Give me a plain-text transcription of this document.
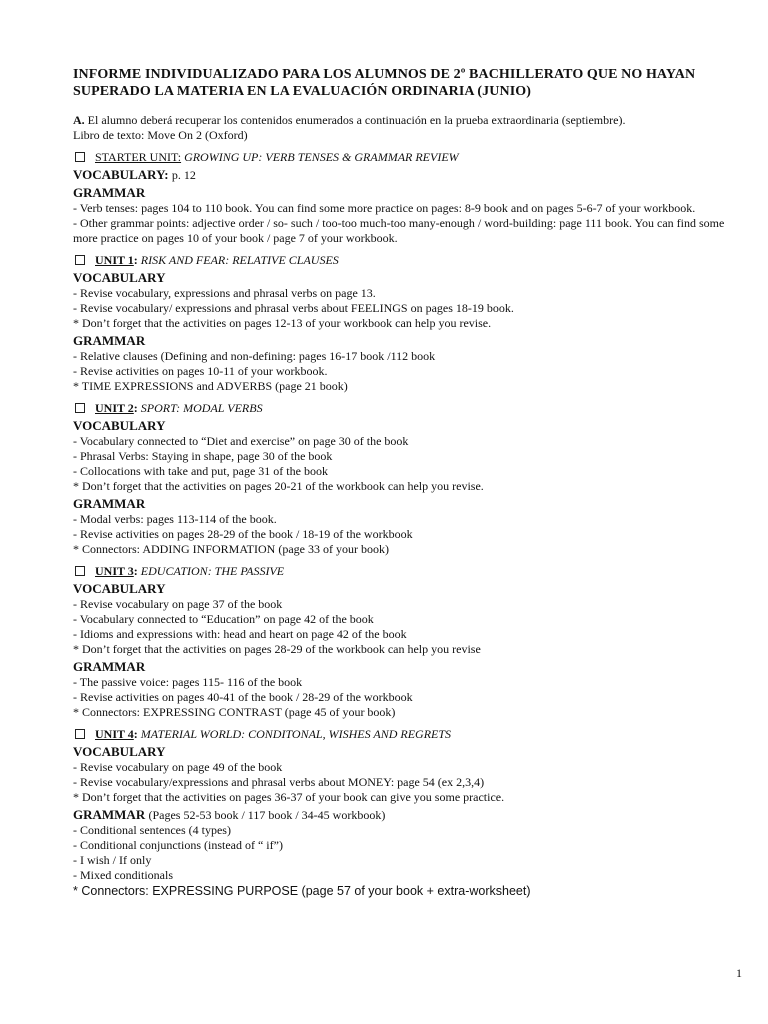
INFORME INDIVIDUALIZADO PARA LOS ALUMNOS DE 2º BACHILLERATO QUE NO HAYAN SUPERADO LA MATERIA EN LA EVALUACIÓN ORDINARIA (JUNIO)

A. El alumno deberá recuperar los contenidos enumerados a continuación en la prueba extraordinaria (septiembre).
Libro de texto: Move On 2 (Oxford)
STARTER UNIT: GROWING UP: VERB TENSES & GRAMMAR REVIEW
VOCABULARY: p. 12
GRAMMAR
- Verb tenses: pages 104 to 110 book. You can find some more practice on pages: 8-9 book and on pages 5-6-7 of your workbook.
- Other grammar points: adjective order / so- such / too-too much-too many-enough / word-building: page 111 book. You can find some more practice on pages 10 of your book / page 7 of your workbook.
UNIT 1 : RISK AND FEAR: RELATIVE CLAUSES
VOCABULARY
- Revise vocabulary, expressions and phrasal verbs on page 13.
- Revise vocabulary/ expressions and phrasal verbs about FEELINGS on pages 18-19 book.
* Don’t forget that the activities on pages 12-13 of your workbook can help you revise.
GRAMMAR
- Relative clauses (Defining and non-defining: pages 16-17 book /112 book
- Revise activities on pages 10-11 of your workbook.
* TIME EXPRESSIONS and ADVERBS (page 21 book)
UNIT 2 : SPORT: MODAL VERBS
VOCABULARY
- Vocabulary connected to “Diet and exercise” on page 30 of the book
- Phrasal Verbs: Staying in shape, page 30 of the book
- Collocations with take and put, page 31 of the book
* Don’t forget that the activities on pages 20-21 of the workbook can help you revise.
GRAMMAR
- Modal verbs: pages 113-114 of the book.
- Revise activities on pages 28-29 of the book / 18-19 of the workbook
* Connectors: ADDING INFORMATION (page 33 of your book)
UNIT 3 : EDUCATION: THE PASSIVE
VOCABULARY
- Revise vocabulary on page 37 of the book
- Vocabulary connected to “Education” on page 42 of the book
- Idioms and expressions with: head and heart on page 42 of the book
* Don’t forget that the activities on pages 28-29 of the workbook can help you revise
GRAMMAR
- The passive voice: pages 115- 116 of the book
- Revise activities on pages 40-41 of the book / 28-29 of the workbook
* Connectors: EXPRESSING CONTRAST (page 45 of your book)
UNIT 4 : MATERIAL WORLD: CONDITONAL, WISHES AND REGRETS
VOCABULARY
- Revise vocabulary on page 49 of the book
- Revise vocabulary/expressions and phrasal verbs about MONEY: page 54 (ex 2,3,4)
* Don’t forget that the activities on pages 36-37 of your book can give you some practice.
GRAMMAR (Pages 52-53 book / 117 book / 34-45 workbook)
- Conditional sentences (4 types)
- Conditional conjunctions (instead of “ if”)
- I wish / If only
- Mixed conditionals
* Connectors: EXPRESSING PURPOSE (page 57 of your book + extra-worksheet)
1
